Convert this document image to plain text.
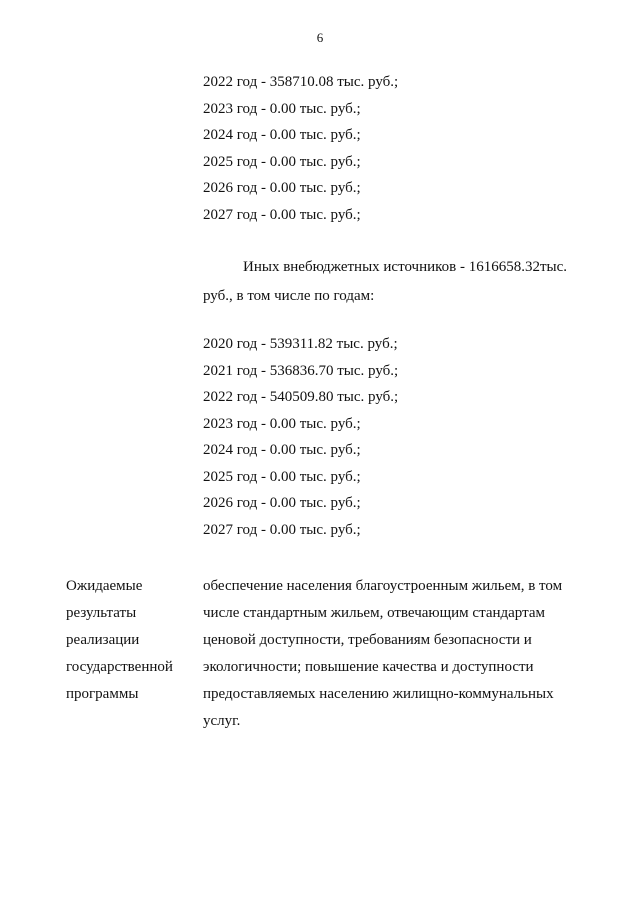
6
2022 год - 358710.08 тыс. руб.;
2023 год - 0.00 тыс. руб.;
2024 год - 0.00 тыс. руб.;
2025 год - 0.00 тыс. руб.;
2026 год - 0.00 тыс. руб.;
2027 год - 0.00 тыс. руб.;
Иных внебюджетных источников - 1616658.32тыс.
руб., в том числе по годам:
2020 год - 539311.82 тыс. руб.;
2021 год - 536836.70 тыс. руб.;
2022 год - 540509.80 тыс. руб.;
2023 год - 0.00 тыс. руб.;
2024 год - 0.00 тыс. руб.;
2025 год - 0.00 тыс. руб.;
2026 год - 0.00 тыс. руб.;
2027 год - 0.00 тыс. руб.;
Ожидаемые
результаты
реализации
государственной
программы
обеспечение населения благоустроенным жильем, в том
числе стандартным жильем, отвечающим стандартам
ценовой доступности, требованиям безопасности и
экологичности; повышение качества и доступности
предоставляемых населению жилищно-коммунальных
услуг.
